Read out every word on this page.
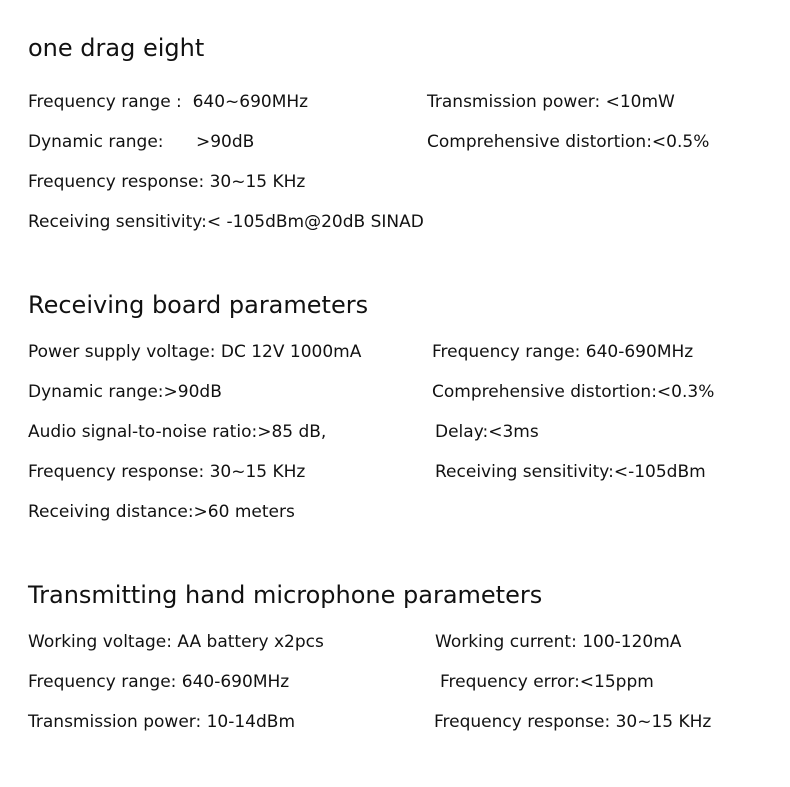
one drag eight
Frequency range :  640~690MHz	Transmission power: <10mW
Dynamic range:      >90dB	Comprehensive distortion:<0.5%
Frequency response: 30~15 KHz
Receiving sensitivity:< -105dBm@20dB SINAD
Receiving board parameters
Power supply voltage: DC 12V 1000mA	Frequency range: 640-690MHz
Dynamic range:>90dB	Comprehensive distortion:<0.3%
Audio signal-to-noise ratio:>85 dB,	Delay:<3ms
Frequency response: 30~15 KHz	Receiving sensitivity:<-105dBm
Receiving distance:>60 meters
Transmitting hand microphone parameters
Working voltage: AA battery x2pcs	Working current: 100-120mA
Frequency range: 640-690MHz	Frequency error:<15ppm
Transmission power: 10-14dBm	Frequency response: 30~15 KHz
